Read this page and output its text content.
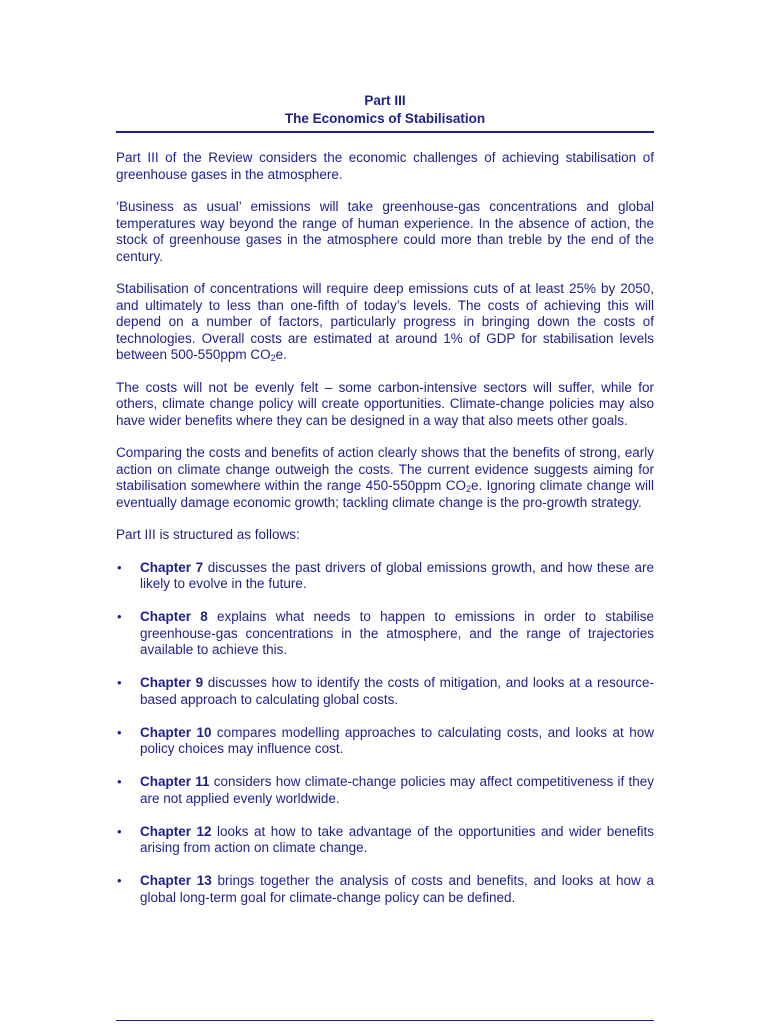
Part III
The Economics of Stabilisation

Part III of the Review considers the economic challenges of achieving stabilisation of greenhouse gases in the atmosphere.

‘Business as usual’ emissions will take greenhouse-gas concentrations and global temperatures way beyond the range of human experience. In the absence of action, the stock of greenhouse gases in the atmosphere could more than treble by the end of the century.

Stabilisation of concentrations will require deep emissions cuts of at least 25% by 2050, and ultimately to less than one-fifth of today’s levels. The costs of achieving this will depend on a number of factors, particularly progress in bringing down the costs of technologies. Overall costs are estimated at around 1% of GDP for stabilisation levels between 500-550ppm $CO_2e$.

The costs will not be evenly felt – some carbon-intensive sectors will suffer, while for others, climate change policy will create opportunities. Climate-change policies may also have wider benefits where they can be designed in a way that also meets other goals.

Comparing the costs and benefits of action clearly shows that the benefits of strong, early action on climate change outweigh the costs. The current evidence suggests aiming for stabilisation somewhere within the range 450-550ppm $CO_2e$. Ignoring climate change will eventually damage economic growth; tackling climate change is the pro-growth strategy.

Part III is structured as follows:

• Chapter 7 discusses the past drivers of global emissions growth, and how these are likely to evolve in the future.
• Chapter 8 explains what needs to happen to emissions in order to stabilise greenhouse-gas concentrations in the atmosphere, and the range of trajectories available to achieve this.
• Chapter 9 discusses how to identify the costs of mitigation, and looks at a resource-based approach to calculating global costs.
• Chapter 10 compares modelling approaches to calculating costs, and looks at how policy choices may influence cost.
• Chapter 11 considers how climate-change policies may affect competitiveness if they are not applied evenly worldwide.
• Chapter 12 looks at how to take advantage of the opportunities and wider benefits arising from action on climate change.
• Chapter 13 brings together the analysis of costs and benefits, and looks at how a global long-term goal for climate-change policy can be defined.
